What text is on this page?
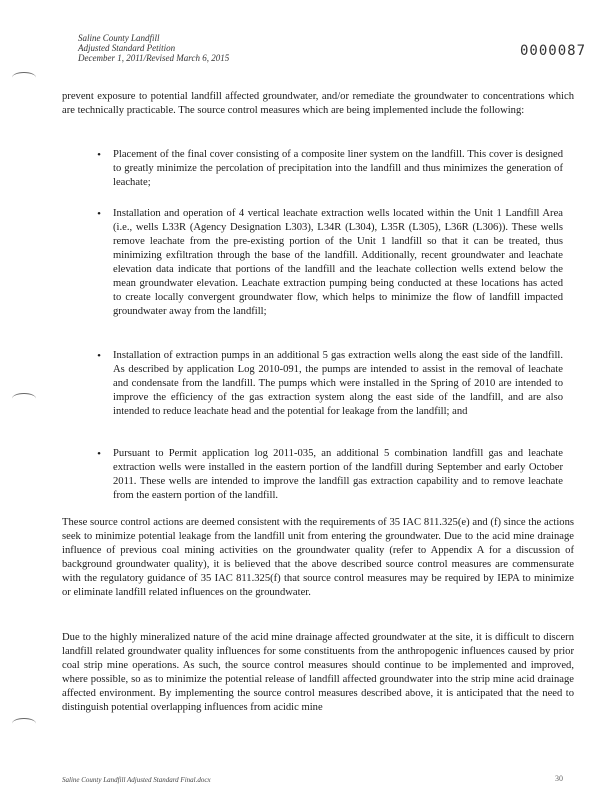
Saline County Landfill
Adjusted Standard Petition
December 1, 2011/Revised March 6, 2015	0000087

prevent exposure to potential landfill affected groundwater, and/or remediate the groundwater to concentrations which are technically practicable. The source control measures which are being implemented include the following:

•	Placement of the final cover consisting of a composite liner system on the landfill. This cover is designed to greatly minimize the percolation of precipitation into the landfill and thus minimizes the generation of leachate;
•	Installation and operation of 4 vertical leachate extraction wells located within the Unit 1 Landfill Area (i.e., wells L33R (Agency Designation L303), L34R (L304), L35R (L305), L36R (L306)). These wells remove leachate from the pre-existing portion of the Unit 1 landfill so that it can be treated, thus minimizing exfiltration through the base of the landfill. Additionally, recent groundwater and leachate elevation data indicate that portions of the landfill and the leachate collection wells extend below the mean groundwater elevation. Leachate extraction pumping being conducted at these locations has acted to create locally convergent groundwater flow, which helps to minimize the flow of landfill impacted groundwater away from the landfill;
•	Installation of extraction pumps in an additional 5 gas extraction wells along the east side of the landfill. As described by application Log 2010-091, the pumps are intended to assist in the removal of leachate and condensate from the landfill. The pumps which were installed in the Spring of 2010 are intended to improve the efficiency of the gas extraction system along the east side of the landfill, and are also intended to reduce leachate head and the potential for leakage from the landfill; and
•	Pursuant to Permit application log 2011-035, an additional 5 combination landfill gas and leachate extraction wells were installed in the eastern portion of the landfill during September and early October 2011. These wells are intended to improve the landfill gas extraction capability and to remove leachate from the eastern portion of the landfill.

These source control actions are deemed consistent with the requirements of 35 IAC 811.325(e) and (f) since the actions seek to minimize potential leakage from the landfill unit from entering the groundwater. Due to the acid mine drainage influence of previous coal mining activities on the groundwater quality (refer to Appendix A for a discussion of background groundwater quality), it is believed that the above described source control measures are commensurate with the regulatory guidance of 35 IAC 811.325(f) that source control measures may be required by IEPA to minimize or eliminate landfill related influences on the groundwater.

Due to the highly mineralized nature of the acid mine drainage affected groundwater at the site, it is difficult to discern landfill related groundwater quality influences for some constituents from the anthropogenic influences caused by prior coal strip mine operations. As such, the source control measures should continue to be implemented and improved, where possible, so as to minimize the potential release of landfill affected groundwater into the strip mine acid drainage affected environment. By implementing the source control measures described above, it is anticipated that the need to distinguish potential overlapping influences from acidic mine

Saline County Landfill Adjusted Standard Final.docx	30
